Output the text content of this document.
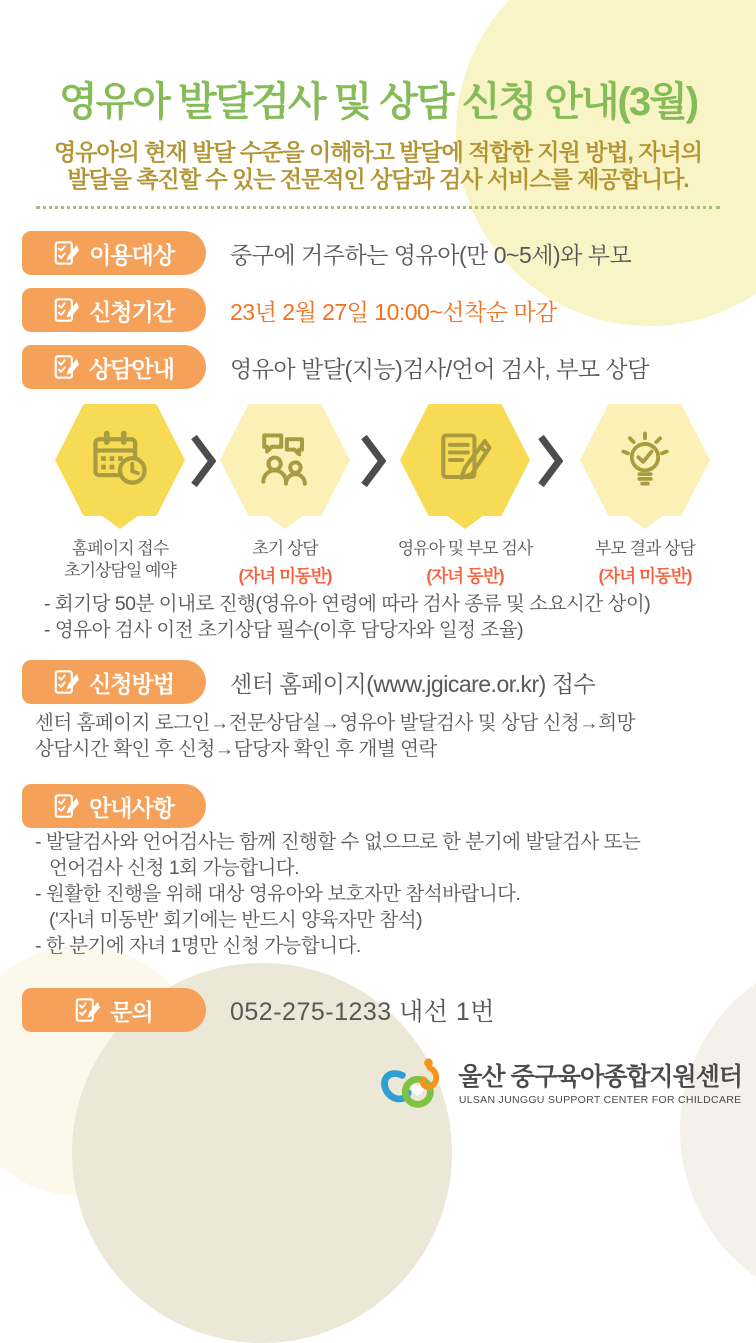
영유아 발달검사 및 상담 신청 안내(3월)
영유아의 현재 발달 수준을 이해하고 발달에 적합한 지원 방법, 자녀의
발달을 촉진할 수 있는 전문적인 상담과 검사 서비스를 제공합니다.
이용대상 중구에 거주하는 영유아(만 0~5세)와 부모
신청기간 23년 2월 27일 10:00~선착순 마감
상담안내 영유아 발달(지능)검사/언어 검사, 부모 상담
홈페이지 접수
초기상담일 예약
초기 상담
(자녀 미동반)
영유아 및 부모 검사
(자녀 동반)
부모 결과 상담
(자녀 미동반)
- 회기당 50분 이내로 진행(영유아 연령에 따라 검사 종류 및 소요시간 상이)
- 영유아 검사 이전 초기상담 필수(이후 담당자와 일정 조율)
신청방법 센터 홈페이지(www.jgicare.or.kr) 접수
센터 홈페이지 로그인→전문상담실→영유아 발달검사 및 상담 신청→희망
상담시간 확인 후 신청→담당자 확인 후 개별 연락
안내사항
- 발달검사와 언어검사는 함께 진행할 수 없으므로 한 분기에 발달검사 또는
언어검사 신청 1회 가능합니다.
- 원활한 진행을 위해 대상 영유아와 보호자만 참석바랍니다.
('자녀 미동반' 회기에는 반드시 양육자만 참석)
- 한 분기에 자녀 1명만 신청 가능합니다.
문의	052-275-1233 내선 1번
울산 중구육아종합지원센터
ULSAN JUNGGU SUPPORT CENTER FOR CHILDCARE
